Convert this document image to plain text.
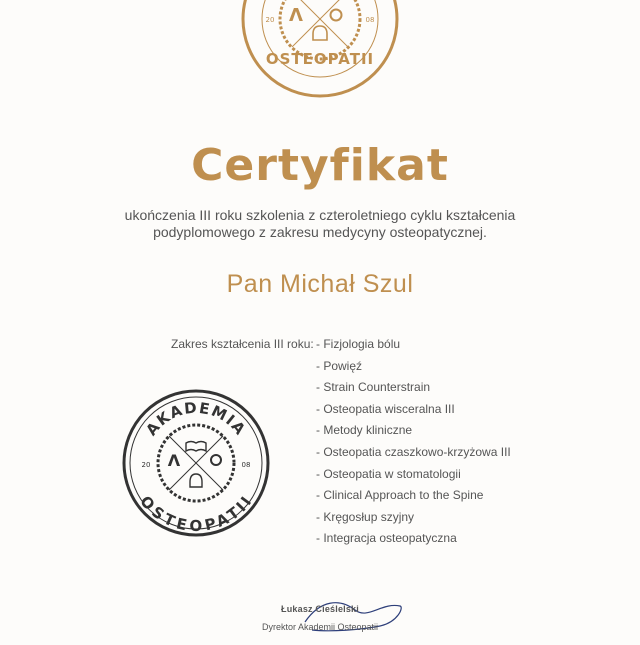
Λ
20	08
OSTEOPATII
Certyfikat
ukończenia III roku szkolenia z czteroletniego cyklu kształcenia
podyplomowego z zakresu medycyny osteopatycznej.
Pan Michał Szul
Zakres kształcenia III roku: - Fizjologia bólu
- Powięź
- Strain Counterstrain
- Osteopatia wisceralna III
- Metody kliniczne
- Osteopatia czaszkowo-krzyżowa III
- Osteopatia w stomatologii
- Clinical Approach to the Spine
- Kręgosłup szyjny
- Integracja osteopatyczna
Λ
20	08
AKADEMIA
OSTEOPATII
Łukasz Cieślelski
Dyrektor Akademii Osteopatii
